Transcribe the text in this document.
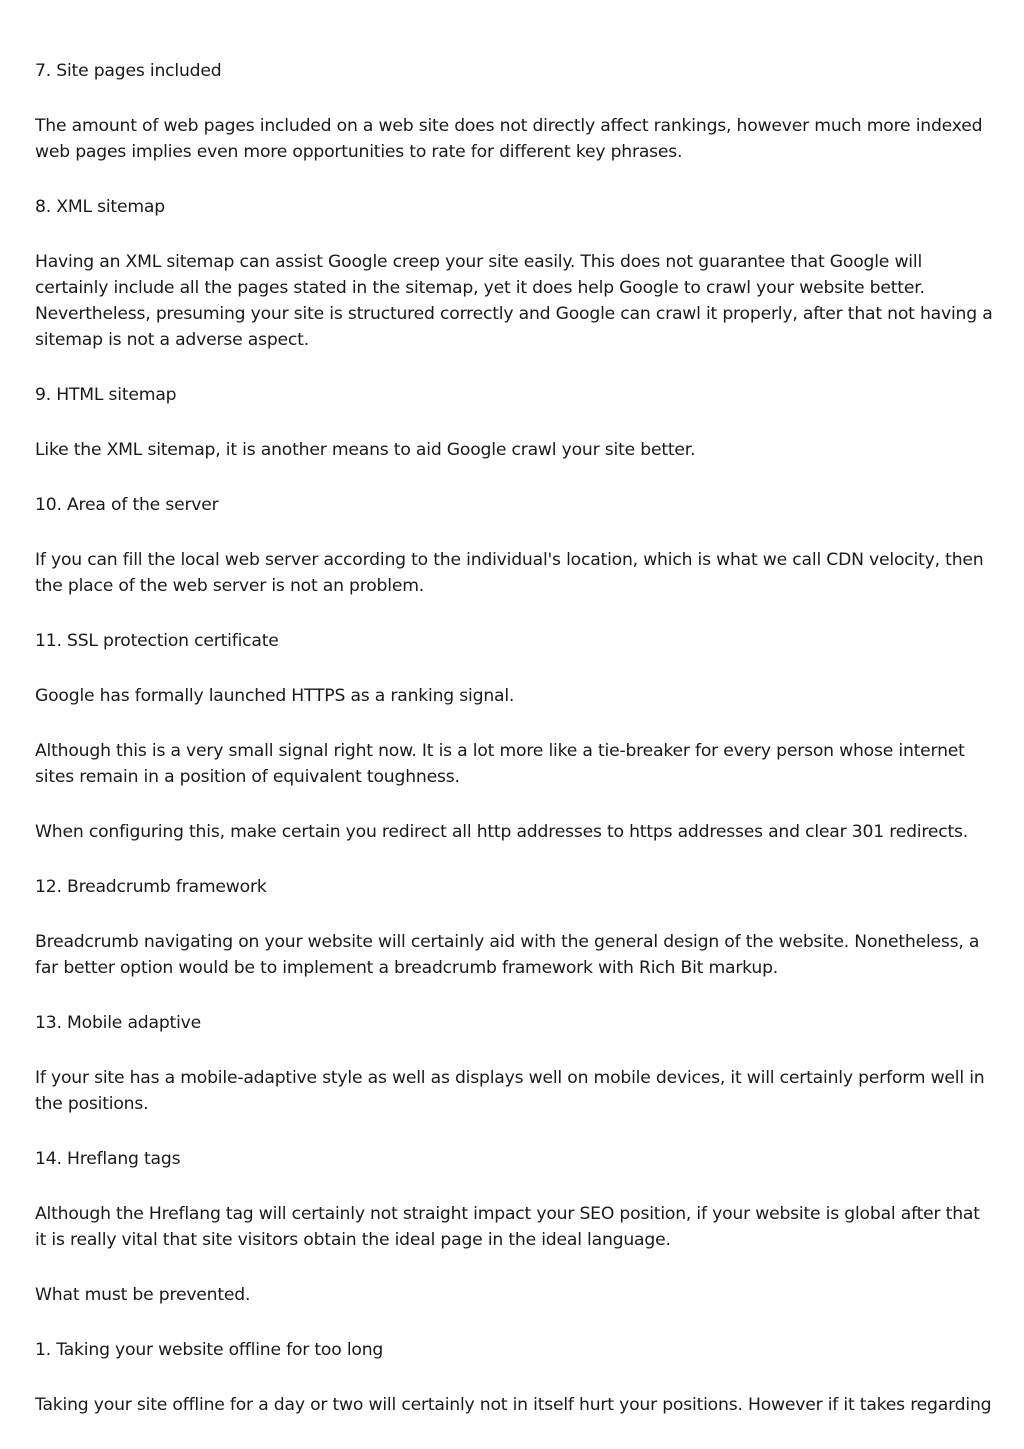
7. Site pages included

The amount of web pages included on a web site does not directly affect rankings, however much more indexed web pages implies even more opportunities to rate for different key phrases.

8. XML sitemap

Having an XML sitemap can assist Google creep your site easily. This does not guarantee that Google will certainly include all the pages stated in the sitemap, yet it does help Google to crawl your website better. Nevertheless, presuming your site is structured correctly and Google can crawl it properly, after that not having a sitemap is not a adverse aspect.

9. HTML sitemap

Like the XML sitemap, it is another means to aid Google crawl your site better.

10. Area of the server

If you can fill the local web server according to the individual's location, which is what we call CDN velocity, then the place of the web server is not an problem.

11. SSL protection certificate

Google has formally launched HTTPS as a ranking signal.

Although this is a very small signal right now. It is a lot more like a tie-breaker for every person whose internet sites remain in a position of equivalent toughness.

When configuring this, make certain you redirect all http addresses to https addresses and clear 301 redirects.

12. Breadcrumb framework

Breadcrumb navigating on your website will certainly aid with the general design of the website. Nonetheless, a far better option would be to implement a breadcrumb framework with Rich Bit markup.

13. Mobile adaptive

If your site has a mobile-adaptive style as well as displays well on mobile devices, it will certainly perform well in the positions.

14. Hreflang tags

Although the Hreflang tag will certainly not straight impact your SEO position, if your website is global after that it is really vital that site visitors obtain the ideal page in the ideal language.

What must be prevented.

1. Taking your website offline for too long

Taking your site offline for a day or two will certainly not in itself hurt your positions. However if it takes regarding
